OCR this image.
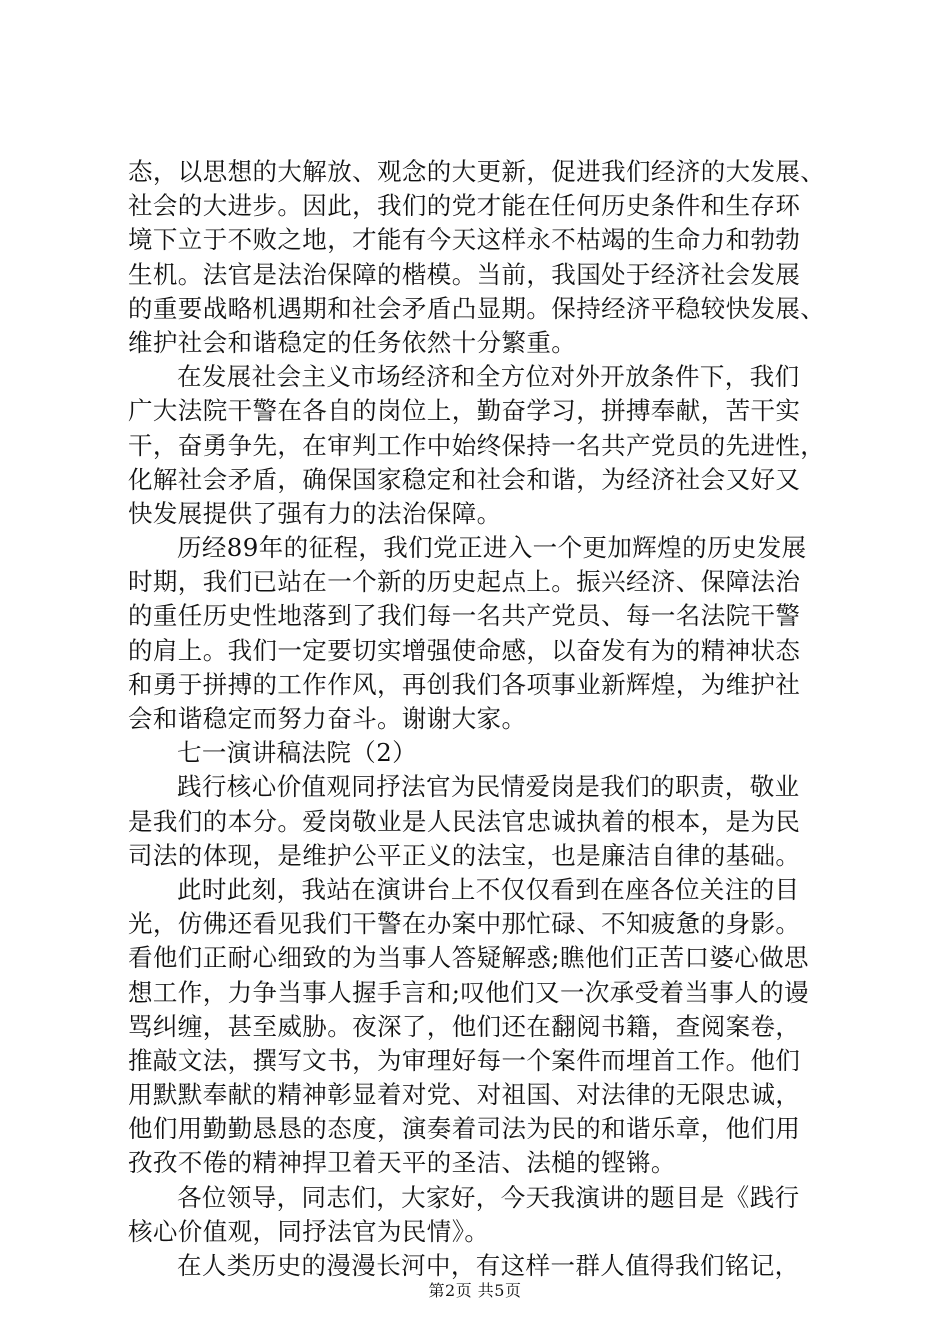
态，以思想的大解放、观念的大更新，促进我们经济的大发展、
社会的大进步。因此，我们的党才能在任何历史条件和生存环
境下立于不败之地，才能有今天这样永不枯竭的生命力和勃勃
生机。法官是法治保障的楷模。当前，我国处于经济社会发展
的重要战略机遇期和社会矛盾凸显期。保持经济平稳较快发展、
维护社会和谐稳定的任务依然十分繁重。
在发展社会主义市场经济和全方位对外开放条件下，我们
广大法院干警在各自的岗位上，勤奋学习，拼搏奉献，苦干实
干，奋勇争先，在审判工作中始终保持一名共产党员的先进性，
化解社会矛盾，确保国家稳定和社会和谐，为经济社会又好又
快发展提供了强有力的法治保障。
历经89年的征程，我们党正进入一个更加辉煌的历史发展
时期，我们已站在一个新的历史起点上。振兴经济、保障法治
的重任历史性地落到了我们每一名共产党员、每一名法院干警
的肩上。我们一定要切实增强使命感，以奋发有为的精神状态
和勇于拼搏的工作作风，再创我们各项事业新辉煌，为维护社
会和谐稳定而努力奋斗。谢谢大家。
七一演讲稿法院（2）
践行核心价值观同抒法官为民情爱岗是我们的职责，敬业
是我们的本分。爱岗敬业是人民法官忠诚执着的根本，是为民
司法的体现，是维护公平正义的法宝，也是廉洁自律的基础。
此时此刻，我站在演讲台上不仅仅看到在座各位关注的目
光，仿佛还看见我们干警在办案中那忙碌、不知疲惫的身影。
看他们正耐心细致的为当事人答疑解惑;瞧他们正苦口婆心做思
想工作，力争当事人握手言和;叹他们又一次承受着当事人的谩
骂纠缠，甚至威胁。夜深了，他们还在翻阅书籍，查阅案卷，
推敲文法，撰写文书，为审理好每一个案件而埋首工作。他们
用默默奉献的精神彰显着对党、对祖国、对法律的无限忠诚，
他们用勤勤恳恳的态度，演奏着司法为民的和谐乐章，他们用
孜孜不倦的精神捍卫着天平的圣洁、法槌的铿锵。
各位领导，同志们，大家好，今天我演讲的题目是《践行
核心价值观，同抒法官为民情》。
在人类历史的漫漫长河中，有这样一群人值得我们铭记，
第2页 共5页
